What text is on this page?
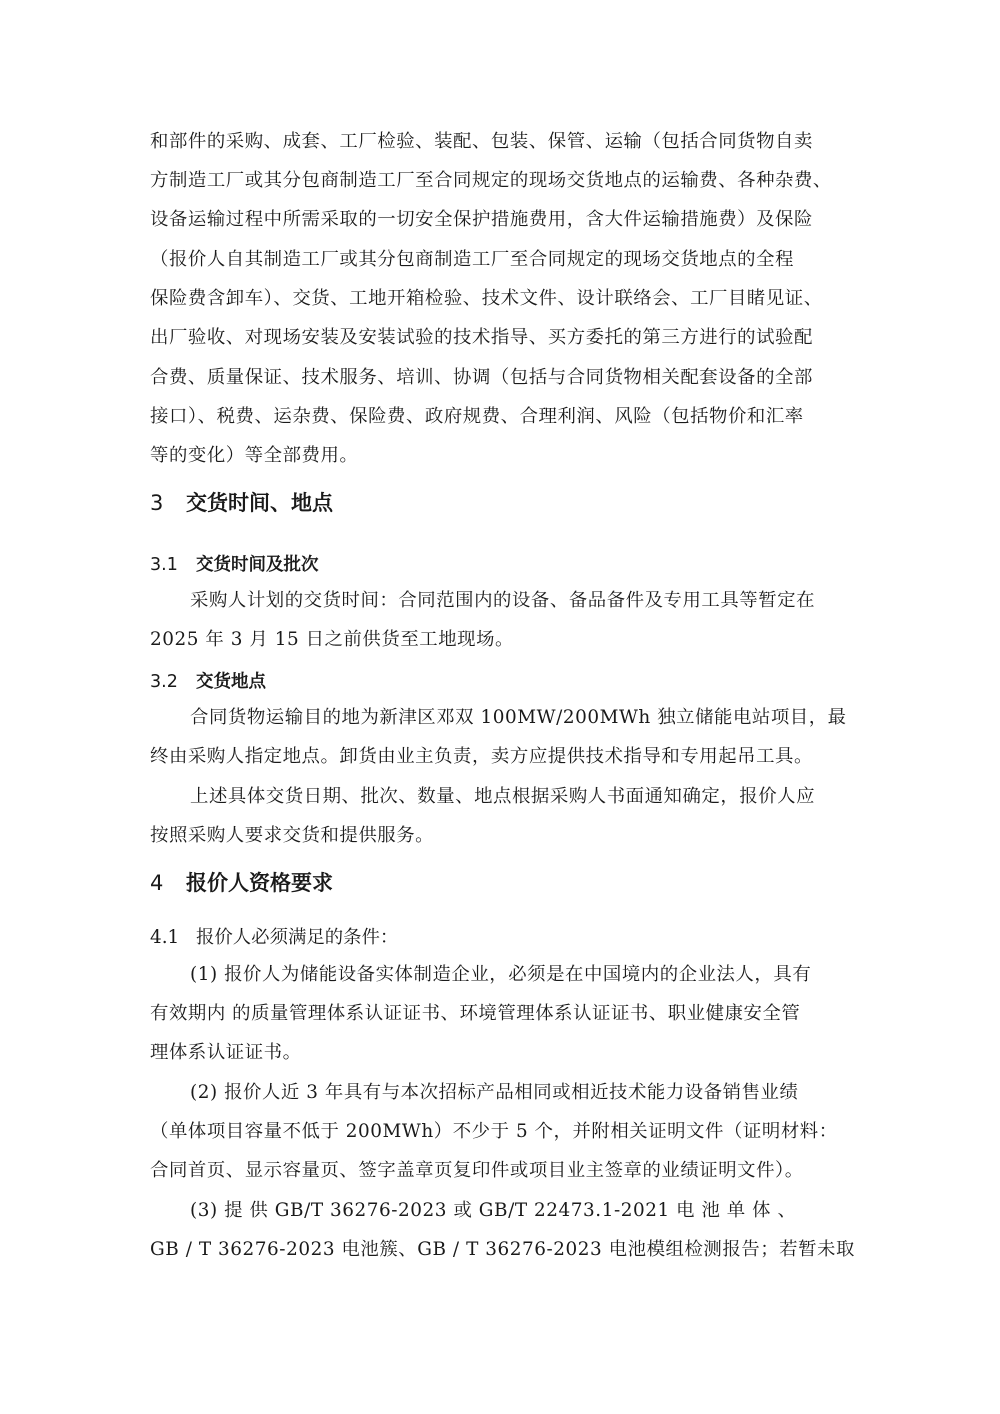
和部件的采购、成套、工厂检验、装配、包装、保管、运输（包括合同货物自卖

方制造工厂或其分包商制造工厂至合同规定的现场交货地点的运输费、各种杂费、

设备运输过程中所需采取的一切安全保护措施费用，含大件运输措施费）及保险

（报价人自其制造工厂或其分包商制造工厂至合同规定的现场交货地点的全程

保险费含卸车）、交货、工地开箱检验、技术文件、设计联络会、工厂目睹见证、

出厂验收、对现场安装及安装试验的技术指导、买方委托的第三方进行的试验配

合费、质量保证、技术服务、培训、协调（包括与合同货物相关配套设备的全部

接口）、税费、运杂费、保险费、政府规费、合理利润、风险（包括物价和汇率

等的变化）等全部费用。

3 交货时间、地点
3.1 交货时间及批次

采购人计划的交货时间：合同范围内的设备、备品备件及专用工具等暂定在

2025 年 3 月 15 日之前供货至工地现场。

3.2 交货地点

合同货物运输目的地为新津区邓双 100MW/200MWh 独立储能电站项目，最

终由采购人指定地点。卸货由业主负责，卖方应提供技术指导和专用起吊工具。

上述具体交货日期、批次、数量、地点根据采购人书面通知确定，报价人应

按照采购人要求交货和提供服务。

4 报价人资格要求
4.1 报价人必须满足的条件：

(1) 报价人为储能设备实体制造企业，必须是在中国境内的企业法人，具有

有效期内 的质量管理体系认证证书、环境管理体系认证证书、职业健康安全管

理体系认证证书。

(2) 报价人近 3 年具有与本次招标产品相同或相近技术能力设备销售业绩

（单体项目容量不低于 200MWh）不少于 5 个，并附相关证明文件（证明材料：

合同首页、显示容量页、签字盖章页复印件或项目业主签章的业绩证明文件）。

(3) 提 供 GB/T 36276-2023 或 GB/T 22473.1-2021 电 池 单 体 、

GB / T 36276-2023 电池簇、GB / T 36276-2023 电池模组检测报告；若暂未取
